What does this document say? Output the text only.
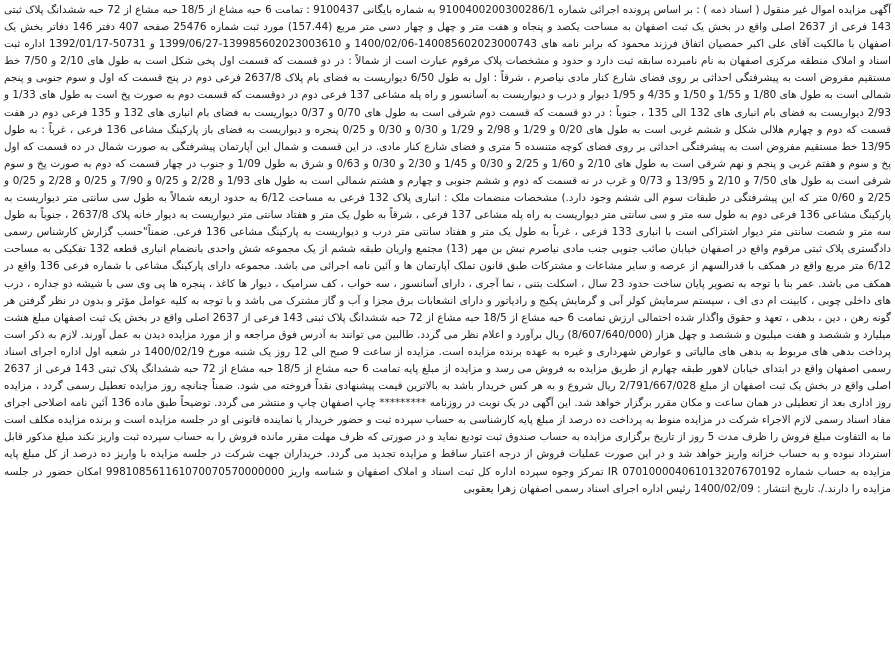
آگهی مزایده اموال غیر منقول ( اسناد ذمه ) : بر اساس پرونده اجرائی شماره 9100400200300286/1 به شماره بایگانی 9100437 : تمامت 6 حبه مشاع از 18/5 حبه مشاع از 72 حبه ششدانگ پلاک ثبتی 143 فرعی از 2637 اصلی واقع در بخش یک ثبت اصفهان به مساحت یکصد و پنجاه و هفت متر و چهل و چهار دسی متر مربع (157.44) مورد ثبت شماره 25476 صفحه 407 دفتر 146 دفاتر بخش یک اصفهان با مالکیت آقای علی اکبر حمصیان اتفاق فرزند محمود که برابر نامه های 140085602023000743-1400/02/06 و 139985602023003610-1399/06/27 و 50731-1392/01/17 اداره ثبت اسناد و املاک منطقه مرکزی اصفهان به نام نامبرده سابقه ثبت دارد و حدود و مشخصات پلاک مرقوم عبارت است از شمالاً : در دو قسمت که قسمت اول پخی شکل است به طول های 2/10 و 7/50 خط مستقیم مفروض است به پیشرفتگی احداثی بر روی فضای شارع کنار مادی نیاصرم ، شرقاً : اول به طول 6/50 دیواریست به فضای بام پلاک 2637/8 فرعی دوم در پنج قسمت که اول و سوم جنوبی و پنجم شمالی است به طول های 1/80 و 1/55 و 1/50 و 4/35 و 1/95 دیوار و درب و دیواریست به آسانسور و راه پله مشاعی 137 فرعی دوم در دوقسمت که قسمت دوم به صورت پخ است به طول های 1/33 و 2/93 دیواریست به فضای بام انباری های 132 الی 135 ، جنوباً : در دو قسمت که قسمت دوم شرقی است به طول های 0/70 و 0/37 دیواریست به فضای بام انباری های 132 و 135 فرعی دوم در هفت قسمت که دوم و چهارم هلالی شکل و ششم غربی است به طول های 0/20 و 1/29 و 2/98 و 1/29 و 0/30 و 0/30 و 0/25 پنجره و دیواریست به فضای باز پارکینگ مشاعی 136 فرعی ، غرباً : به طول 13/95 خط مستقیم مفروض است به پیشرفتگی احداثی بر روی فضای کوچه متنسده 5 متری و فضای شارع کنار مادی. در این قسمت و شمال این آپارتمان پیشرفتگی به صورت شمال در ده قسمت که اول پخ و سوم و هفتم غربی و پنجم و نهم شرقی است به طول های 2/10 و 1/60 و 2/25 و 0/30 و 1/45 و 2/30 و 0/30 و 0/63 و شرق به طول 1/09 و جنوب در چهار قسمت که دوم به صورت پخ و سوم شرقی است به طول های 7/50 و 2/10 و 13/95 و 0/73 و غرب در نه قسمت که دوم و ششم جنوبی و چهارم و هشتم شمالی است به طول های 1/93 و 2/28 و 0/25 و 7/90 و 0/25 و 2/28 و 0/25 و 2/25 و 0/60 متر که این پیشرفتگی در طبقات سوم الی ششم وجود دارد.) مشخصات منضمات ملک : انباری پلاک 132 فرعی به مساحت 6/12 به حدود اربعه شمالاً به طول سی سانتی متر دیواریست به پارکینگ مشاعی 136 فرعی دوم به طول سه متر و سی سانتی متر دیواریست به راه پله مشاعی 137 فرعی ، شرقاً به طول یک متر و هفتاد سانتی متر دیواریست به دیوار خانه پلاک 2637/8 ، جنوباً به طول سه متر و شصت سانتی متر دیوار اشتراکی است با انباری 133 فرعی ، غرباً به طول یک متر و هفتاد سانتی متر درب و دیواریست به پارکینگ مشاعی 136 فرعی. ضمناً"حسب گزارش کارشناس رسمی دادگستری پلاک ثبتی مرقوم واقع در اصفهان خیابان صائب جنوبی جنب مادی نیاصرم نبش بن مهر (13) مجتمع واریان طبقه ششم از یک مجموعه شش واحدی بانضمام انباری قطعه 132 تفکیکی به مساحت 6/12 متر مربع واقع در همکف با قدرالسهم از عرصه و سایر مشاعات و مشترکات طبق قانون تملک آپارتمان ها و آئین نامه اجرائی می باشد. مجموعه دارای پارکینگ مشاعی با شماره فرعی 136 واقع در همکف می باشد. عمر بنا با توجه به تصویر پایان ساخت حدود 23 سال ، اسکلت بتنی ، نما آجری ، دارای آسانسور ، سه خواب ، کف سرامیک ، دیوار ها کاغذ ، پنجره ها پی وی سی با شیشه دو جداره ، درب های داخلی چوبی ، کابینت ام دی اف ، سیستم سرمایش کولر آبی و گرمایش پکیج و رادیاتور و دارای انشعابات برق مجزا و آب و گاز مشترک می باشد و با توجه به کلیه عوامل مؤثر و بدون در نظر گرفتن هر گونه رهن ، دین ، بدهی ، تعهد و حقوق واگذار شده احتمالی ارزش تمامت 6 حبه مشاع از 18/5 حبه مشاع از 72 حبه ششدانگ پلاک ثبتی 143 فرعی از 2637 اصلی واقع در بخش یک ثبت اصفهان مبلغ هشت میلیارد و ششصد و هفت میلیون و ششصد و چهل هزار (8/607/640/000) ریال برآورد و اعلام نظر می گردد. طالبین می توانند به آدرس فوق مراجعه و از مورد مزایده دیدن به عمل آورند. لازم به ذکر است پرداخت بدهی های مربوط به بدهی های مالیاتی و عوارض شهرداری و غیره به عهده برنده مزایده است. مزایده از ساعت 9 صبح الی 12 روز یک شنبه مورخ 1400/02/19 در شعبه اول اداره اجرای اسناد رسمی اصفهان واقع در ابتدای خیابان لاهور طبقه چهارم از طریق مزایده به فروش می رسد و مزایده از مبلغ پایه تمامت 6 حبه مشاع از 18/5 حبه مشاع از 72 حبه ششدانگ پلاک ثبتی 143 فرعی از 2637 اصلی واقع در بخش یک ثبت اصفهان از مبلغ 2/791/667/028 ریال شروع و به هر کس خریدار باشد به بالاترین قیمت پیشنهادی نقداً فروخته می شود. ضمناً چنانچه روز مزایده تعطیل رسمی گردد ، مزایده روز اداری بعد از تعطیلی در همان ساعت و مکان مقرر برگزار خواهد شد. این آگهی در یک نوبت در روزنامه ********* چاپ اصفهان چاپ و منتشر می گردد. توضیحاً طبق ماده 136 آئین نامه اصلاحی اجرای مفاد اسناد رسمی لازم الاجراء شرکت در مزایده منوط به پرداخت ده درصد از مبلغ پایه کارشناسی به حساب سپرده ثبت و حضور خریدار یا نماینده قانونی او در جلسه مزایده است و برنده مزایده مکلف است ما به التفاوت مبلغ فروش را ظرف مدت 5 روز از تاریخ برگزاری مزایده به حساب صندوق ثبت تودیع نماید و در صورتی که ظرف مهلت مقرر مانده فروش را به حساب سپرده ثبت واریز نکند مبلغ مذکور قابل استرداد نبوده و به حساب خزانه واریز خواهد شد و در این صورت عملیات فروش از درجه اعتبار ساقط و مزایده تجدید می گردد. خریداران جهت شرکت در جلسه مزایده با واریز ده درصد از کل مبلغ پایه مزایده به حساب شماره IR 070100004061013207670192 تمرکز وجوه سپرده اداره کل ثبت اسناد و املاک اصفهان و شناسه واریز 998108561161070070570000000 امکان حضور در جلسه مزایده را دارند./. تاریخ انتشار : 1400/02/09 رئیس اداره اجرای اسناد رسمی اصفهان زهرا یعقوبی
